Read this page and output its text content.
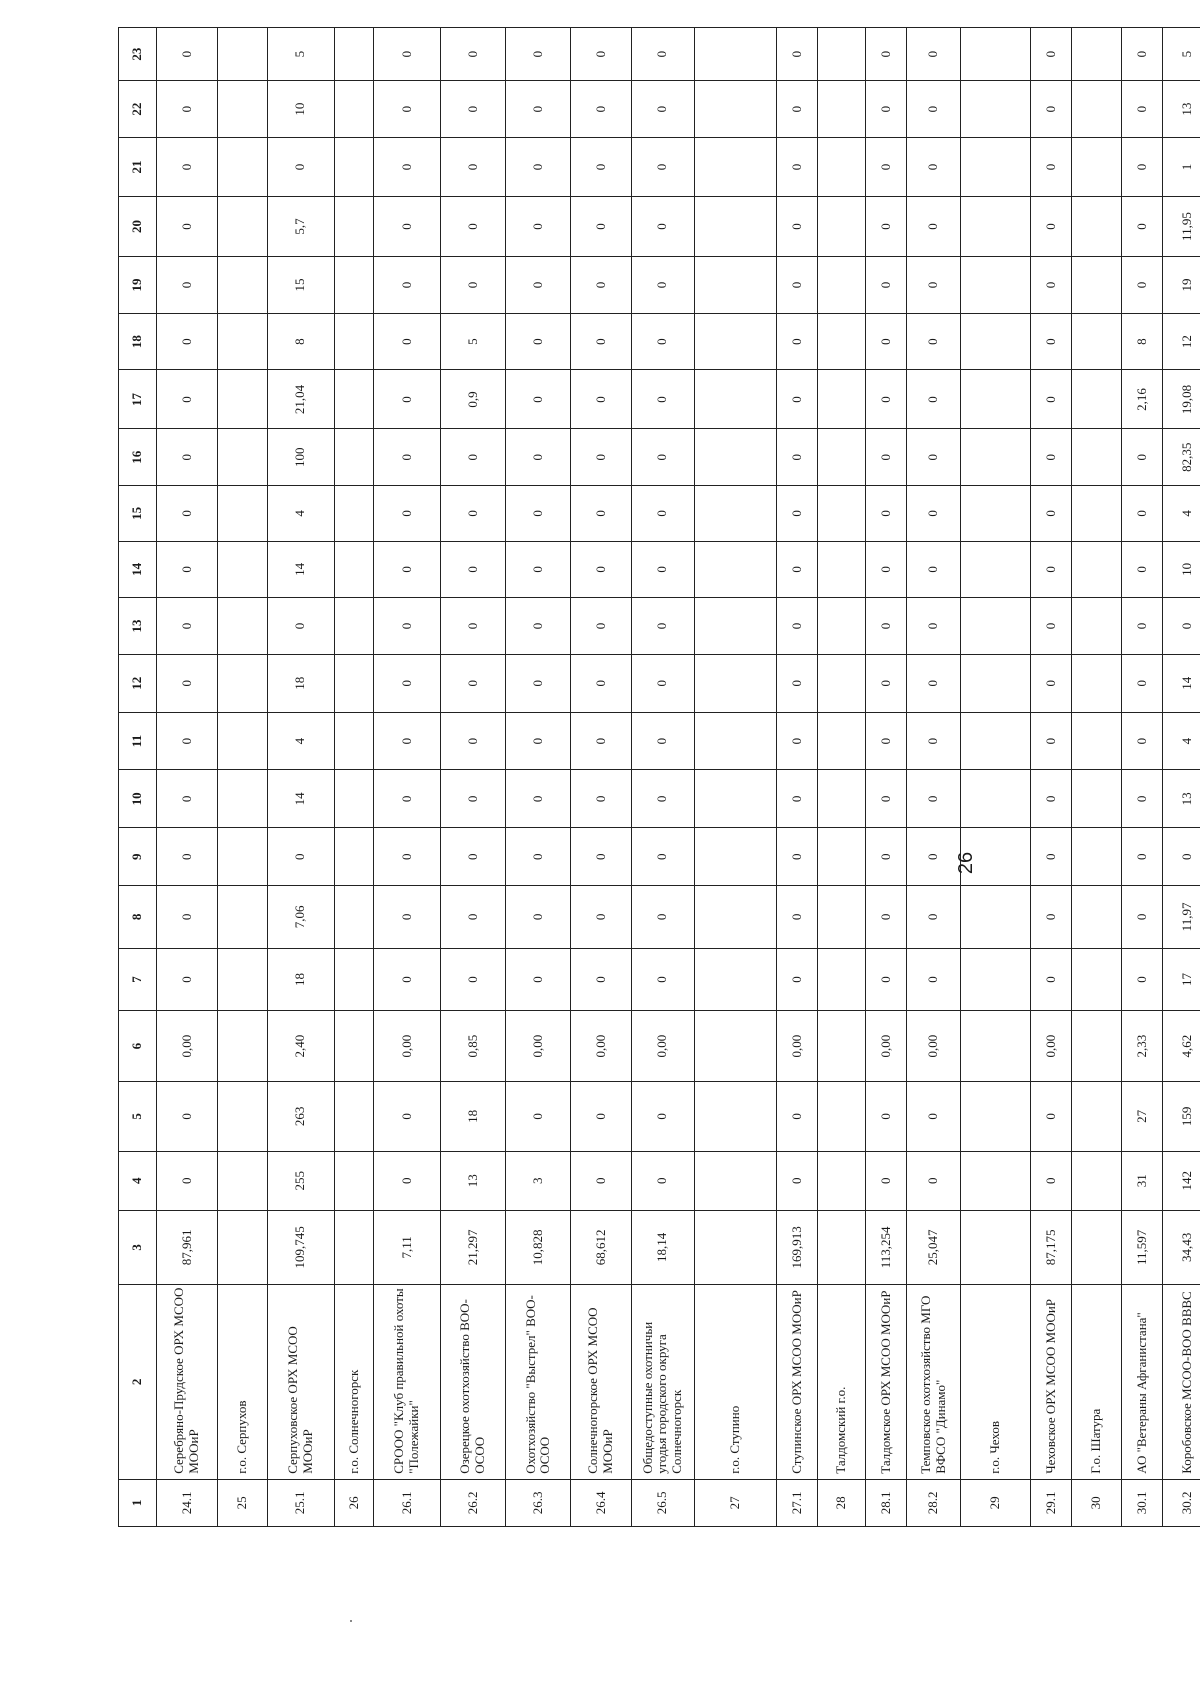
1	2	3	4	5	6	7	8	9	10	11	12	13	14	15	16	17	18	19	20	21	22	23
24.1	Серебряно-Прудское ОРХ МСОО МООиР	87,961	0	0	0,00	0	0	0	0	0	0	0	0	0	0	0	0	0	0	0	0	0
25	г.о. Серпухов																					
25.1	Серпуховское ОРХ МСОО МООиР	109,745	255	263	2,40	18	7,06	0	14	4	18	0	14	4	100	21,04	8	15	5,7	0	10	5
26	г.о. Солнечногорск																					
26.1	СРООО "Клуб правильной охоты "Полежайки"	7,11	0	0	0,00	0	0	0	0	0	0	0	0	0	0	0	0	0	0	0	0	0
26.2	Озерецкое охотхозяйство ВОО-ОСОО	21,297	13	18	0,85	0	0	0	0	0	0	0	0	0	0	0,9	5	0	0	0	0	0
26.3	Охотхозяйство "Выстрел" ВОО-ОСОО	10,828	3	0	0,00	0	0	0	0	0	0	0	0	0	0	0	0	0	0	0	0	0
26.4	Солнечногорское ОРХ МСОО МООиР	68,612	0	0	0,00	0	0	0	0	0	0	0	0	0	0	0	0	0	0	0	0	0
26.5	Общедоступные охотничьи угодья городского округа Солнечногорск	18,14	0	0	0,00	0	0	0	0	0	0	0	0	0	0	0	0	0	0	0	0	0
27	г.о. Ступино																					
27.1	Ступинское ОРХ МСОО МООиР	169,913	0	0	0,00	0	0	0	0	0	0	0	0	0	0	0	0	0	0	0	0	0
28	Талдомский г.о.																					
28.1	Талдомское ОРХ МСОО МООиР	113,254	0	0	0,00	0	0	0	0	0	0	0	0	0	0	0	0	0	0	0	0	0
28.2	Темповское охотхозяйство МГО ВФСО "Динамо"	25,047	0	0	0,00	0	0	0	0	0	0	0	0	0	0	0	0	0	0	0	0	0
29	г.о. Чехов																					
29.1	Чеховское ОРХ МСОО МООиР	87,175	0	0	0,00	0	0	0	0	0	0	0	0	0	0	0	0	0	0	0	0	0
30	Г.о. Шатура																					
30.1	АО "Ветераны Афганистана"	11,597	31	27	2,33	0	0	0	0	0	0	0	0	0	0	2,16	8	0	0	0	0	0
30.2	Коробовское МСОО-ВОО ВВВС	34,43	142	159	4,62	17	11,97	0	13	4	14	0	10	4	82,35	19,08	12	19	11,95	1	13	5
26
